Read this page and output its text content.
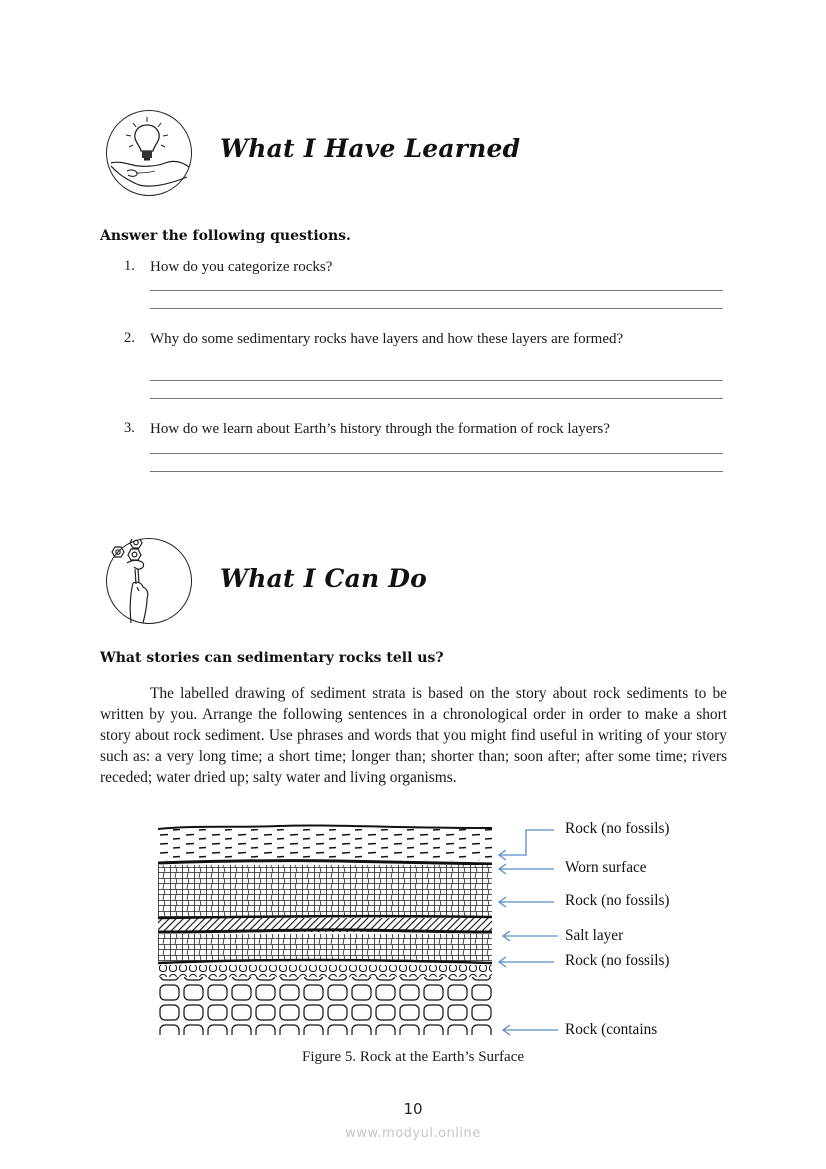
What I Have Learned
Answer the following questions.
1. How do you categorize rocks?
2. Why do some sedimentary rocks have layers and how these layers are formed?
3. How do we learn about Earth’s history through the formation of rock layers?
What I Can Do
What stories can sedimentary rocks tell us?
The labelled drawing of sediment strata is based on the story about rock sediments to be written by you. Arrange the following sentences in a chronological order in order to make a short story about rock sediment. Use phrases and words that you might find useful in writing of your story such as: a very long time; a short time; longer than; shorter than; soon after; after some time; rivers receded; water dried up; salty water and living organisms.
Rock (no fossils)
Worn surface
Rock (no fossils)
Salt layer
Rock (no fossils)
Rock (contains
Figure 5. Rock at the Earth’s Surface
10
www.modyul.online
